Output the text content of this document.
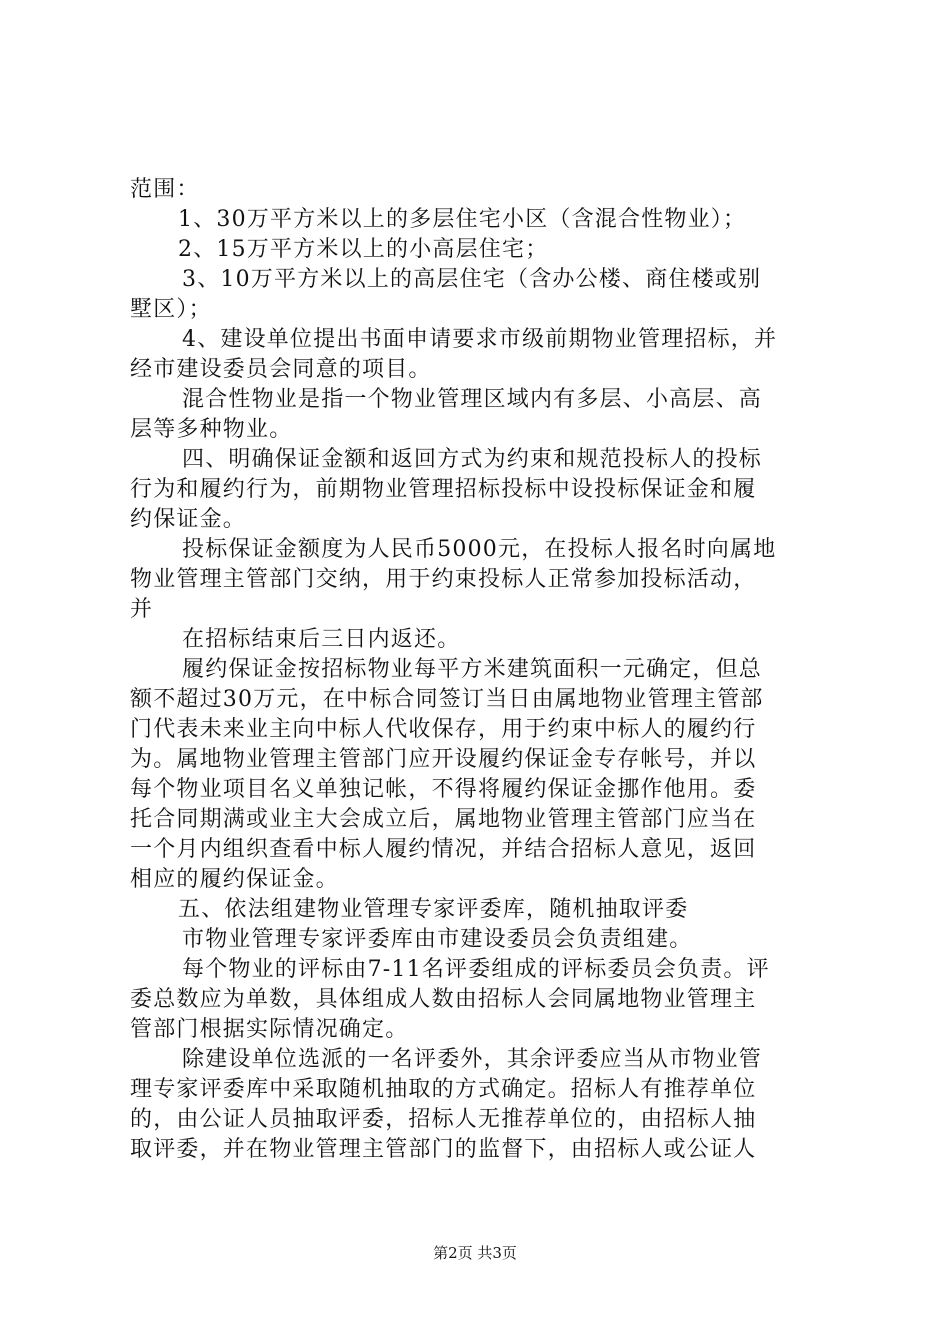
范围：
1、30万平方米以上的多层住宅小区（含混合性物业）；
2、15万平方米以上的小高层住宅；
3、10万平方米以上的高层住宅（含办公楼、商住楼或别
墅区）；
4、建设单位提出书面申请要求市级前期物业管理招标，并
经市建设委员会同意的项目。
混合性物业是指一个物业管理区域内有多层、小高层、高
层等多种物业。
四、明确保证金额和返回方式为约束和规范投标人的投标
行为和履约行为，前期物业管理招标投标中设投标保证金和履
约保证金。
投标保证金额度为人民币5000元，在投标人报名时向属地
物业管理主管部门交纳，用于约束投标人正常参加投标活动，
并
在招标结束后三日内返还。
履约保证金按招标物业每平方米建筑面积一元确定，但总
额不超过30万元，在中标合同签订当日由属地物业管理主管部
门代表未来业主向中标人代收保存，用于约束中标人的履约行
为。属地物业管理主管部门应开设履约保证金专存帐号，并以
每个物业项目名义单独记帐，不得将履约保证金挪作他用。委
托合同期满或业主大会成立后，属地物业管理主管部门应当在
一个月内组织查看中标人履约情况，并结合招标人意见，返回
相应的履约保证金。
五、依法组建物业管理专家评委库，随机抽取评委
市物业管理专家评委库由市建设委员会负责组建。
每个物业的评标由7-11名评委组成的评标委员会负责。评
委总数应为单数，具体组成人数由招标人会同属地物业管理主
管部门根据实际情况确定。
除建设单位选派的一名评委外，其余评委应当从市物业管
理专家评委库中采取随机抽取的方式确定。招标人有推荐单位
的，由公证人员抽取评委，招标人无推荐单位的，由招标人抽
取评委，并在物业管理主管部门的监督下，由招标人或公证人
第2页 共3页
